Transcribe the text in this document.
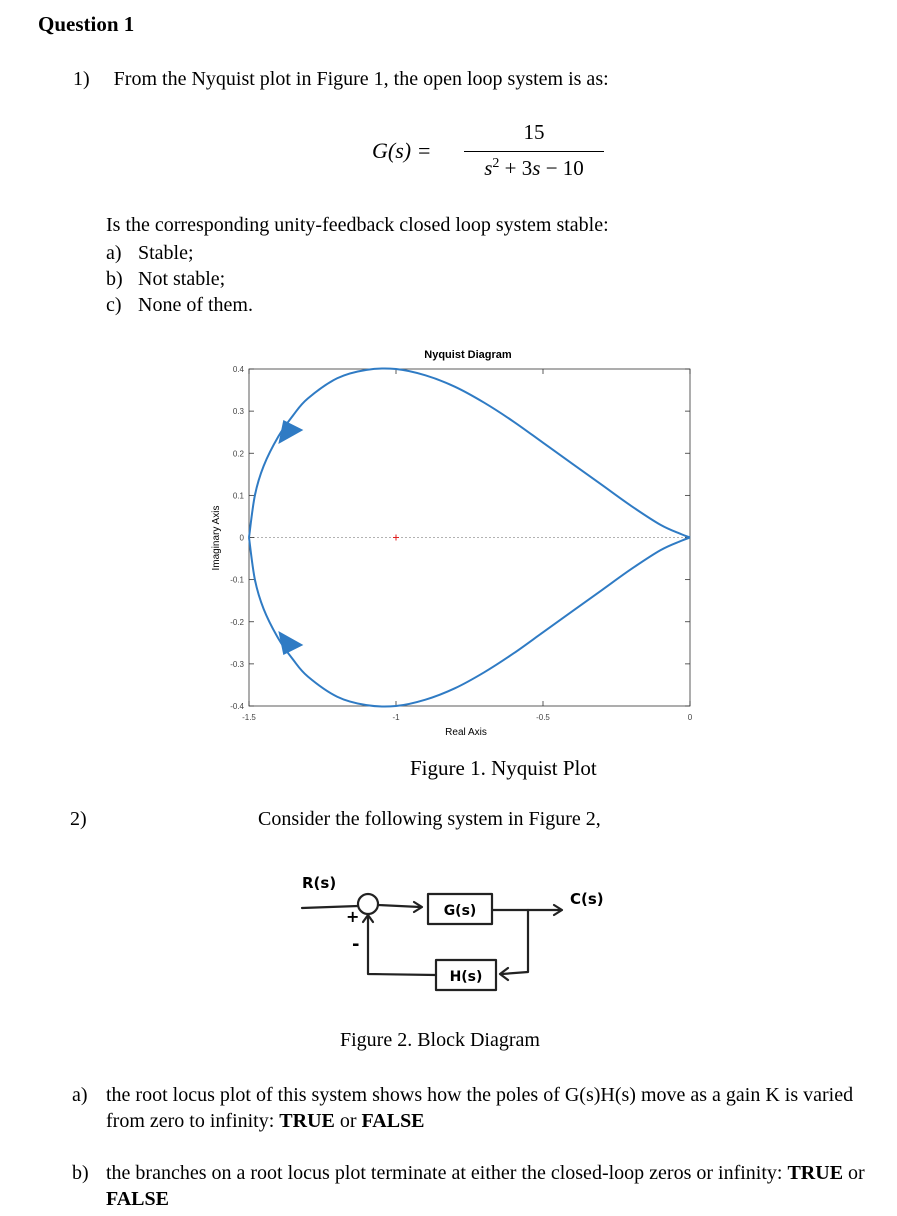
Question 1
1) From the Nyquist plot in Figure 1, the open loop system is as:
G(s) =
15
$s^2 + 3s - 10$
Is the corresponding unity-feedback closed loop system stable:
a) Stable;
b) Not stable;
c) None of them.
0.4
0.3
0.2
0.1
0
-0.1
-0.2
-0.3
-0.4
-1.5	-1	-0.5	0
Nyquist Diagram
Real Axis
Imaginary Axis
Figure 1. Nyquist Plot
2)	Consider the following system in Figure 2,
R(s)
C(s)
G(s)
H(s)
+
-
Figure 2. Block Diagram
a) the root locus plot of this system shows how the poles of G(s)H(s) move as a gain K is varied from zero to infinity: TRUE or FALSE
b) the branches on a root locus plot terminate at either the closed-loop zeros or infinity: TRUE or FALSE
